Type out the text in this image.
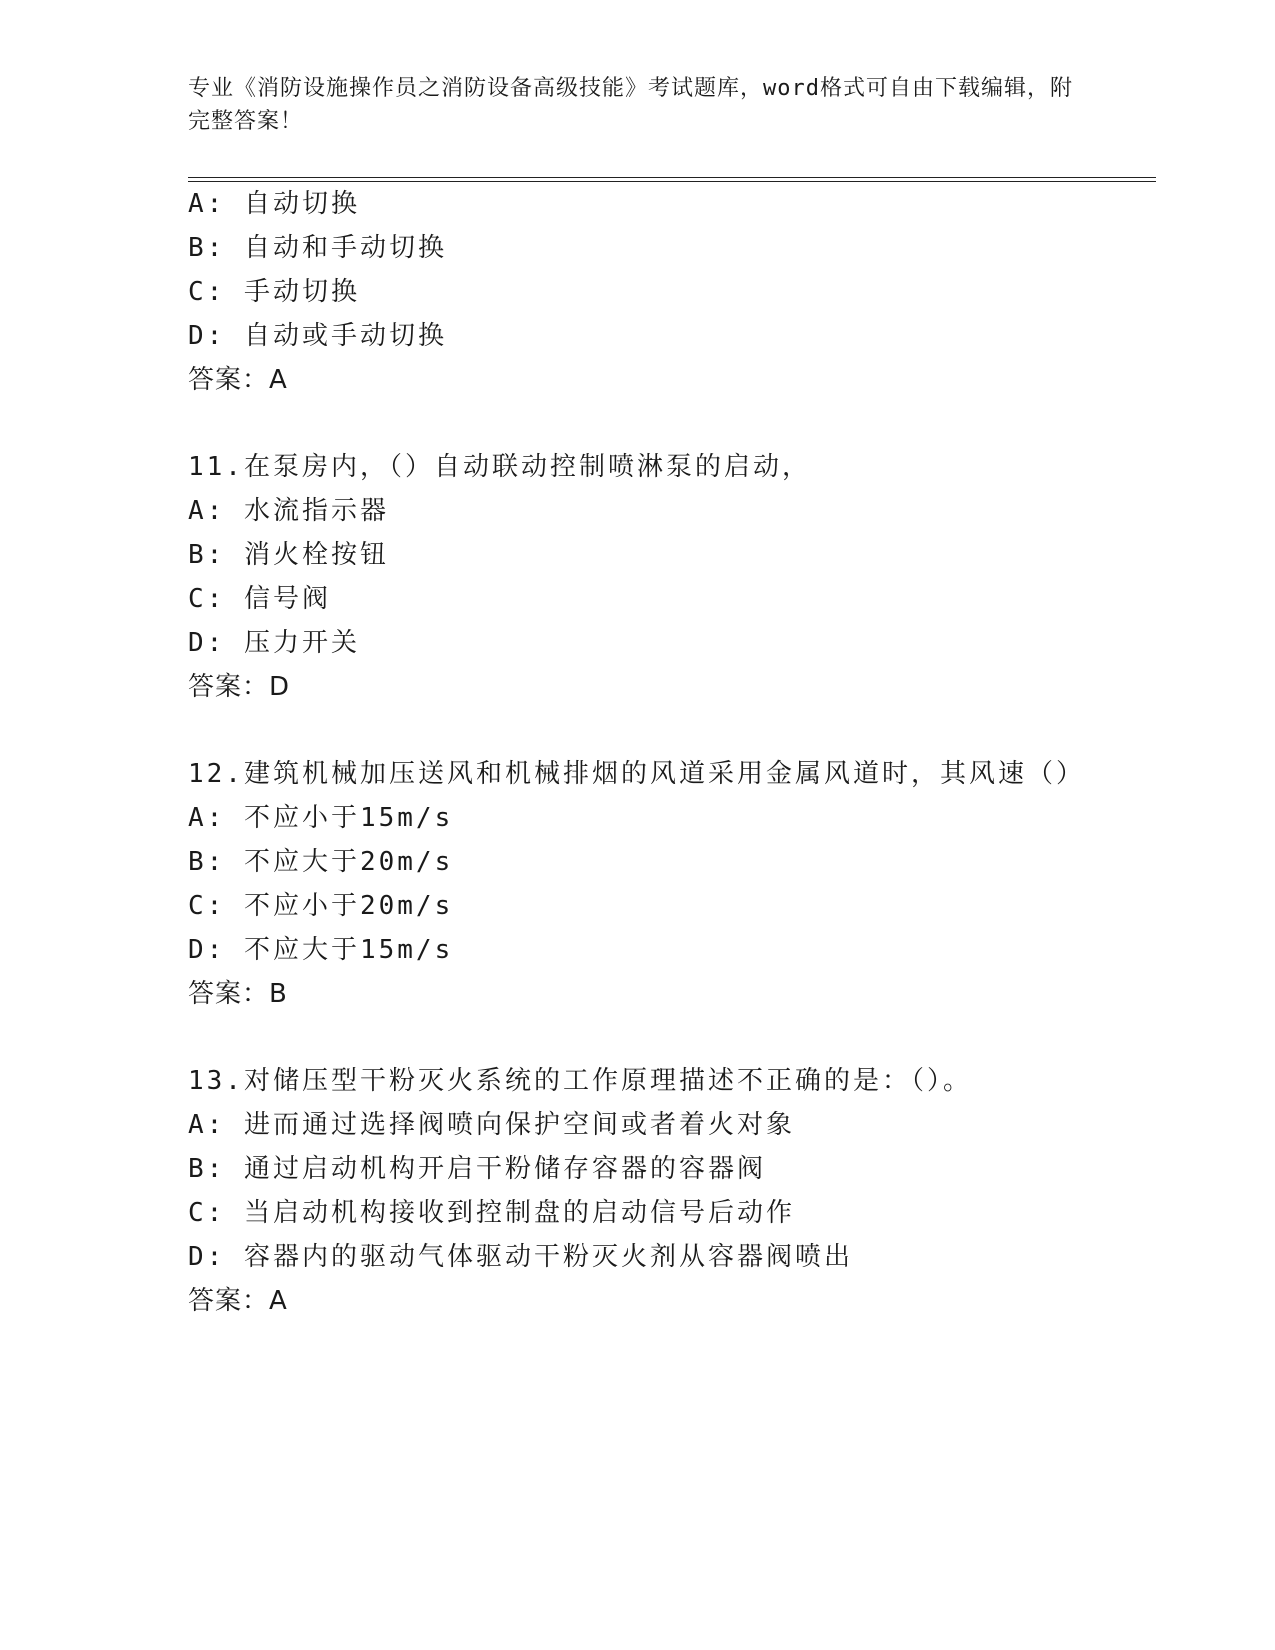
专业《消防设施操作员之消防设备高级技能》考试题库，word格式可自由下载编辑，附完整答案！
A: 自动切换
B: 自动和手动切换
C: 手动切换
D: 自动或手动切换
答案：A
11.在泵房内，（）自动联动控制喷淋泵的启动，
A: 水流指示器
B: 消火栓按钮
C: 信号阀
D: 压力开关
答案：D
12.建筑机械加压送风和机械排烟的风道采用金属风道时，其风速（）
A: 不应小于15m/s
B: 不应大于20m/s
C: 不应小于20m/s
D: 不应大于15m/s
答案：B
13.对储压型干粉灭火系统的工作原理描述不正确的是：（）。
A: 进而通过选择阀喷向保护空间或者着火对象
B: 通过启动机构开启干粉储存容器的容器阀
C: 当启动机构接收到控制盘的启动信号后动作
D: 容器内的驱动气体驱动干粉灭火剂从容器阀喷出
答案：A
